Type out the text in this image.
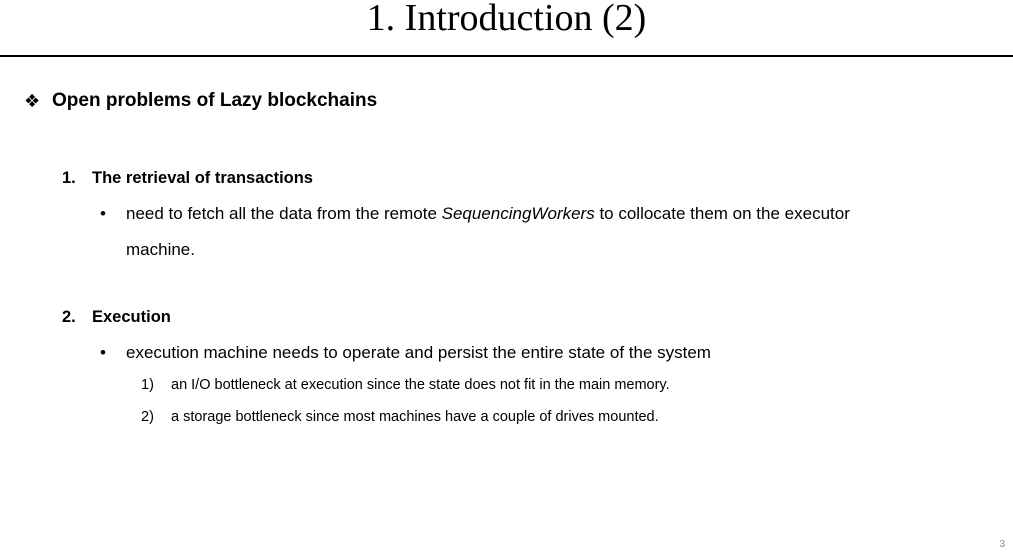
1. Introduction (2)
❖ Open problems of Lazy blockchains
1. The retrieval of transactions
• need to fetch all the data from the remote SequencingWorkers to collocate them on the executor
machine.
2. Execution
• execution machine needs to operate and persist the entire state of the system
1) an I/O bottleneck at execution since the state does not fit in the main memory.
2) a storage bottleneck since most machines have a couple of drives mounted.
3
